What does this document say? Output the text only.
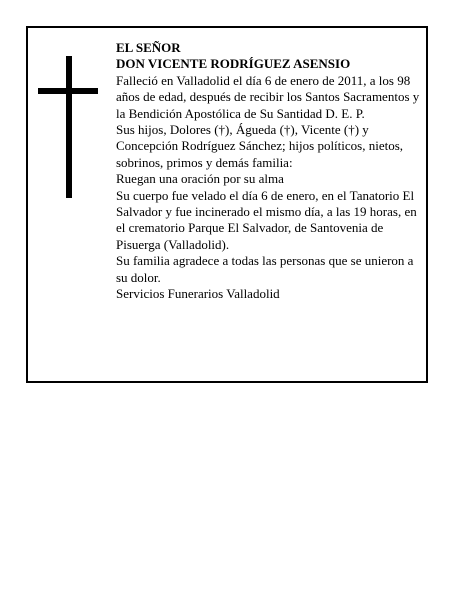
EL SEÑOR

DON VICENTE RODRÍGUEZ ASENSIO

Falleció en Valladolid el día 6 de enero de 2011, a los 98 años de edad, después de recibir los Santos Sacramentos y la Bendición Apostólica de Su Santidad D. E. P.

Sus hijos, Dolores (†), Águeda (†), Vicente (†) y Concepción Rodríguez Sánchez; hijos políticos, nietos, sobrinos, primos y demás familia:

Ruegan una oración por su alma

Su cuerpo fue velado el día 6 de enero, en el Tanatorio El Salvador y fue incinerado el mismo día, a las 19 horas, en el crematorio Parque El Salvador, de Santovenia de Pisuerga (Valladolid).

Su familia agradece a todas las personas que se unieron a su dolor.

Servicios Funerarios Valladolid
